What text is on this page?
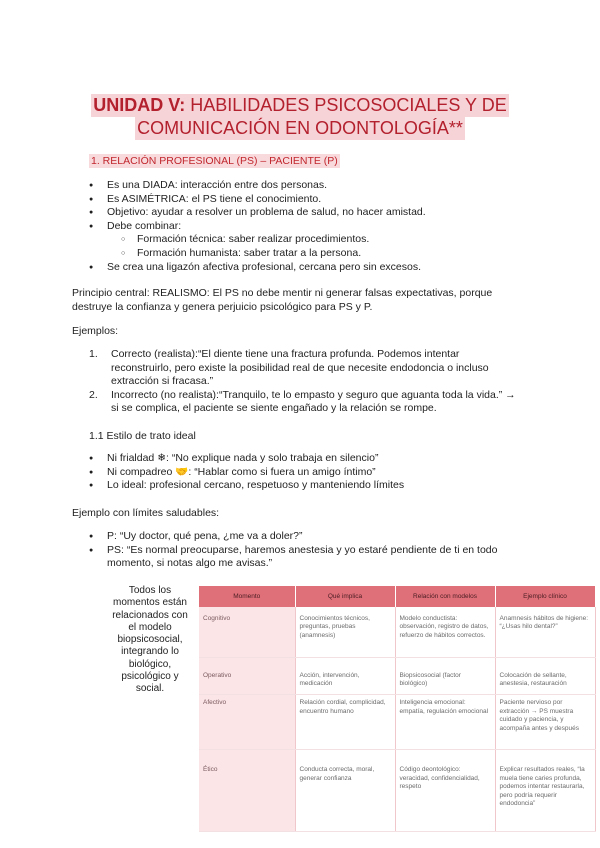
UNIDAD V: HABILIDADES PSICOSOCIALES Y DE
COMUNICACIÓN EN ODONTOLOGÍA**
1. RELACIÓN PROFESIONAL (PS) – PACIENTE (P)
● Es una DIADA: interacción entre dos personas.
● Es ASIMÉTRICA: el PS tiene el conocimiento.
● Objetivo: ayudar a resolver un problema de salud, no hacer amistad.
● Debe combinar:
○ Formación técnica: saber realizar procedimientos.
○ Formación humanista: saber tratar a la persona.
● Se crea una ligazón afectiva profesional, cercana pero sin excesos.
Principio central: REALISMO: El PS no debe mentir ni generar falsas expectativas, porque destruye la confianza y genera perjuicio psicológico para PS y P.
Ejemplos:
1. Correcto (realista):“El diente tiene una fractura profunda. Podemos intentar reconstruirlo, pero existe la posibilidad real de que necesite endodoncia o incluso extracción si fracasa.”
2. Incorrecto (no realista):“Tranquilo, te lo empasto y seguro que aguanta toda la vida.” → si se complica, el paciente se siente engañado y la relación se rompe.
1.1 Estilo de trato ideal
● Ni frialdad ❄: “No explique nada y solo trabaja en silencio”
● Ni compadreo 🤝: “Hablar como si fuera un amigo íntimo”
● Lo ideal: profesional cercano, respetuoso y manteniendo límites
Ejemplo con límites saludables:
● P: “Uy doctor, qué pena, ¿me va a doler?”
● PS: “Es normal preocuparse, haremos anestesia y yo estaré pendiente de ti en todo momento, si notas algo me avisas.”
Todos los momentos están relacionados con el modelo biopsicosocial, integrando lo biológico, psicológico y social.
Momento	Qué implica	Relación con modelos	Ejemplo clínico
Cognitivo	Conocimientos técnicos, preguntas, pruebas (anamnesis)	Modelo conductista: observación, registro de datos, refuerzo de hábitos correctos.	Anamnesis hábitos de higiene: “¿Usas hilo dental?”
Operativo	Acción, intervención, medicación	Biopsicosocial (factor biológico)	Colocación de sellante, anestesia, restauración
Afectivo	Relación cordial, complicidad, encuentro humano	Inteligencia emocional: empatía, regulación emocional	Paciente nervioso por extracción → PS muestra cuidado y paciencia, y acompaña antes y después
Ético	Conducta correcta, moral, generar confianza	Código deontológico: veracidad, confidencialidad, respeto	Explicar resultados reales, “la muela tiene caries profunda, podemos intentar restaurarla, pero podría requerir endodoncia”
